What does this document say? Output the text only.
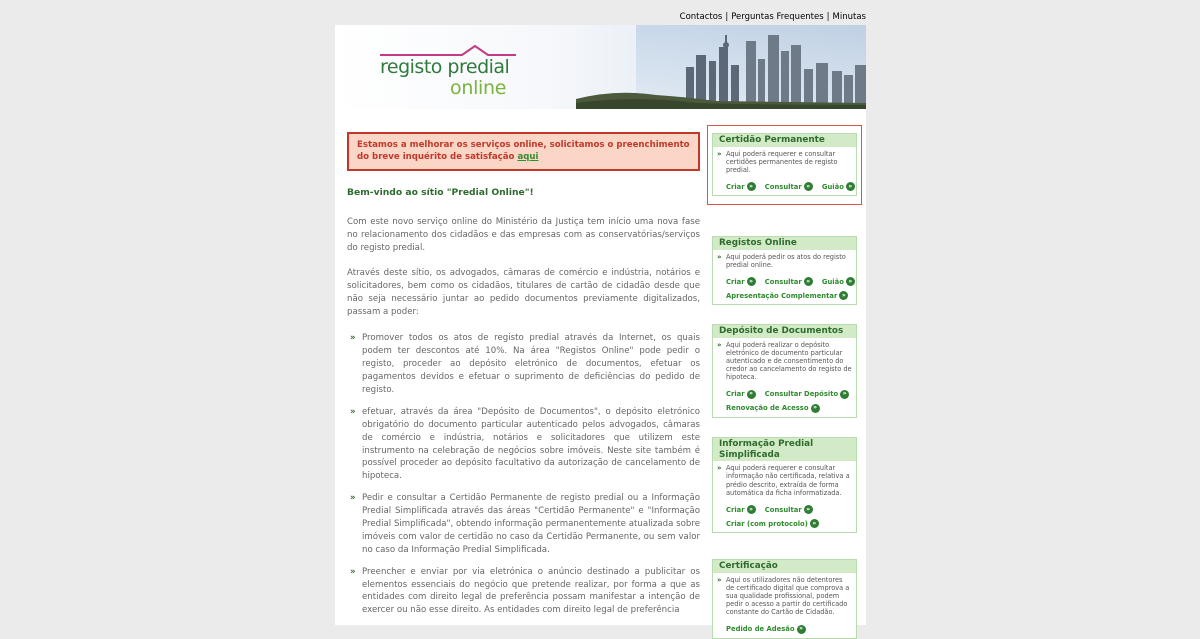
Contactos | Perguntas Frequentes | Minutas
registo predial
online
Estamos a melhorar os serviços online, solicitamos o preenchimento do breve inquérito de satisfação aqui
Bem-vindo ao sítio "Predial Online"!
Com este novo serviço online do Ministério da Justiça tem início uma nova fase no relacionamento dos cidadãos e das empresas com as conservatórias/serviços do registo predial.
Através deste sítio, os advogados, câmaras de comércio e indústria, notários e solicitadores, bem como os cidadãos, titulares de cartão de cidadão desde que não seja necessário juntar ao pedido documentos previamente digitalizados, passam a poder:
» Promover todos os atos de registo predial através da Internet, os quais podem ter descontos até 10%. Na área "Registos Online" pode pedir o registo, proceder ao depósito eletrónico de documentos, efetuar os pagamentos devidos e efetuar o suprimento de deficiências do pedido de registo.
» efetuar, através da área "Depósito de Documentos", o depósito eletrónico obrigatório do documento particular autenticado pelos advogados, câmaras de comércio e indústria, notários e solicitadores que utilizem este instrumento na celebração de negócios sobre imóveis. Neste site também é possível proceder ao depósito facultativo da autorização de cancelamento de hipoteca.
» Pedir e consultar a Certidão Permanente de registo predial ou a Informação Predial Simplificada através das áreas "Certidão Permanente" e "Informação Predial Simplificada", obtendo informação permanentemente atualizada sobre imóveis com valor de certidão no caso da Certidão Permanente, ou sem valor no caso da Informação Predial Simplificada.
» Preencher e enviar por via eletrónica o anúncio destinado a publicitar os elementos essenciais do negócio que pretende realizar, por forma a que as entidades com direito legal de preferência possam manifestar a intenção de exercer ou não esse direito. As entidades com direito legal de preferência
Certidão Permanente
» Aqui poderá requerer e consultar certidões permanentes de registo predial.
Criar »
	Consultar »
	Guião »
Registos Online
» Aqui poderá pedir os atos do registo predial online.
Criar »
	Consultar »
	Guião »
Apresentação Complementar »
Depósito de Documentos
» Aqui poderá realizar o depósito eletrónico de documento particular autenticado e de consentimento do credor ao cancelamento do registo de hipoteca.
Criar »
	Consultar Depósito »
Renovação de Acesso »
Informação Predial Simplificada
» Aqui poderá requerer e consultar informação não certificada, relativa a prédio descrito, extraída de forma automática da ficha informatizada.
Criar »
	Consultar »
Criar (com protocolo) »
Certificação
» Aqui os utilizadores não detentores de certificado digital que comprova a sua qualidade profissional, podem pedir o acesso a partir do certificado constante do Cartão de Cidadão.
Pedido de Adesão »
